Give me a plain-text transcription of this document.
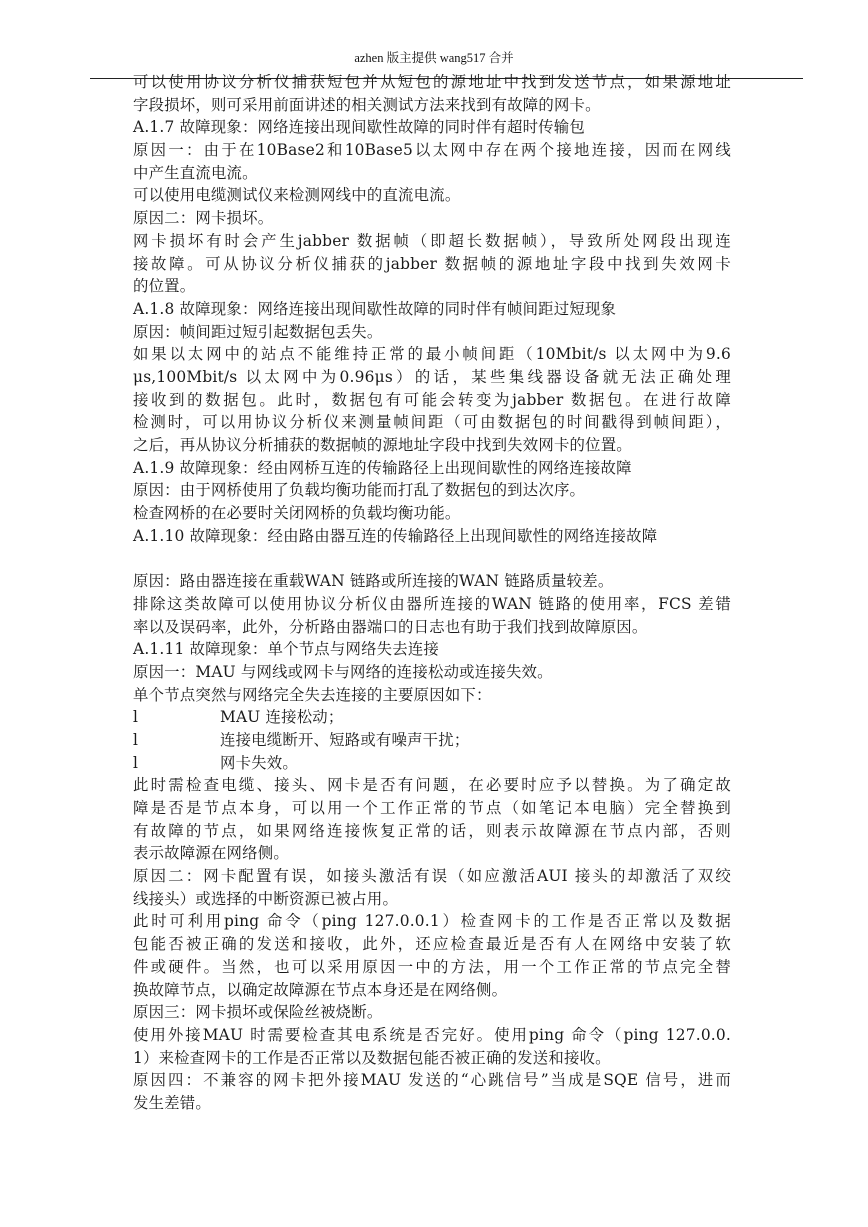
azhen 版主提供 wang517 合并
可以使用协议分析仪捕获短包并从短包的源地址中找到发送节点，如果源地址
字段损坏，则可采用前面讲述的相关测试方法来找到有故障的网卡。
A.1.7 故障现象：网络连接出现间歇性故障的同时伴有超时传输包
原因一：由于在10Base2和10Base5以太网中存在两个接地连接，因而在网线
中产生直流电流。
可以使用电缆测试仪来检测网线中的直流电流。
原因二：网卡损坏。
网卡损坏有时会产生jabber 数据帧（即超长数据帧），导致所处网段出现连
接故障。可从协议分析仪捕获的jabber 数据帧的源地址字段中找到失效网卡
的位置。
A.1.8 故障现象：网络连接出现间歇性故障的同时伴有帧间距过短现象
原因：帧间距过短引起数据包丢失。
如果以太网中的站点不能维持正常的最小帧间距（10Mbit/s 以太网中为9.6
μs,100Mbit/s 以太网中为0.96μs）的话，某些集线器设备就无法正确处理
接收到的数据包。此时，数据包有可能会转变为jabber 数据包。在进行故障
检测时，可以用协议分析仪来测量帧间距（可由数据包的时间戳得到帧间距），
之后，再从协议分析捕获的数据帧的源地址字段中找到失效网卡的位置。
A.1.9 故障现象：经由网桥互连的传输路径上出现间歇性的网络连接故障
原因：由于网桥使用了负载均衡功能而打乱了数据包的到达次序。
检查网桥的在必要时关闭网桥的负载均衡功能。
A.1.10 故障现象：经由路由器互连的传输路径上出现间歇性的网络连接故障
原因：路由器连接在重载WAN 链路或所连接的WAN 链路质量较差。
排除这类故障可以使用协议分析仪由器所连接的WAN 链路的使用率，FCS 差错
率以及误码率，此外，分析路由器端口的日志也有助于我们找到故障原因。
A.1.11 故障现象：单个节点与网络失去连接
原因一：MAU 与网线或网卡与网络的连接松动或连接失效。
单个节点突然与网络完全失去连接的主要原因如下：
l	MAU 连接松动；
l	连接电缆断开、短路或有噪声干扰；
l	网卡失效。
此时需检查电缆、接头、网卡是否有问题，在必要时应予以替换。为了确定故
障是否是节点本身，可以用一个工作正常的节点（如笔记本电脑）完全替换到
有故障的节点，如果网络连接恢复正常的话，则表示故障源在节点内部，否则
表示故障源在网络侧。
原因二：网卡配置有误，如接头激活有误（如应激活AUI 接头的却激活了双绞
线接头）或选择的中断资源已被占用。
此时可利用ping 命令（ping 127.0.0.1）检查网卡的工作是否正常以及数据
包能否被正确的发送和接收，此外，还应检查最近是否有人在网络中安装了软
件或硬件。当然，也可以采用原因一中的方法，用一个工作正常的节点完全替
换故障节点，以确定故障源在节点本身还是在网络侧。
原因三：网卡损坏或保险丝被烧断。
使用外接MAU 时需要检查其电系统是否完好。使用ping 命令（ping 127.0.0.
1）来检查网卡的工作是否正常以及数据包能否被正确的发送和接收。
原因四：不兼容的网卡把外接MAU 发送的“心跳信号”当成是SQE 信号，进而
发生差错。
